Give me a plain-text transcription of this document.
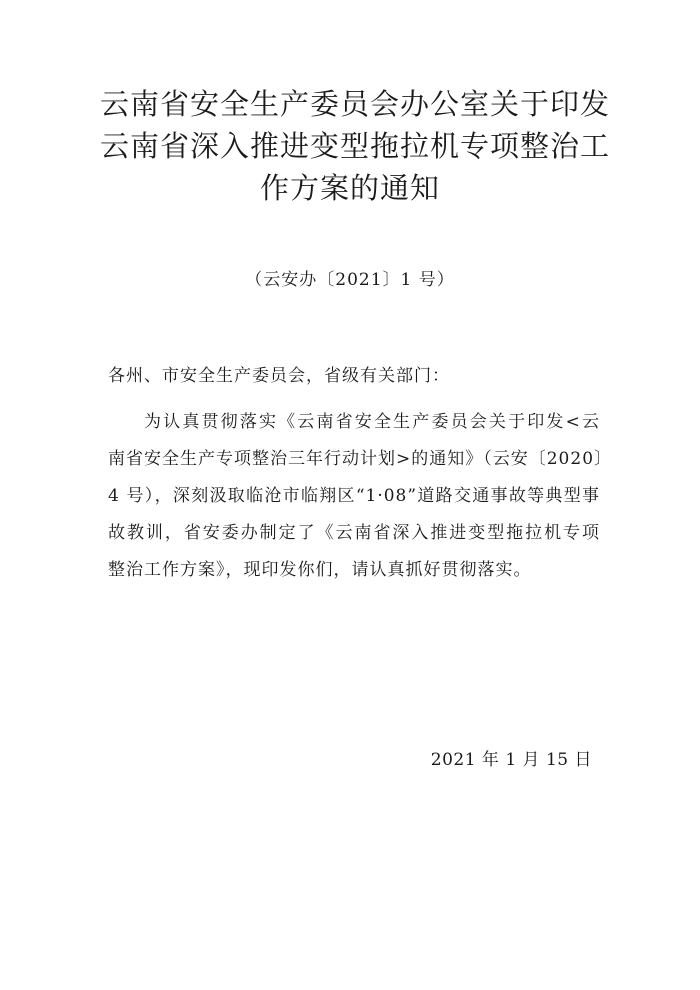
云南省安全生产委员会办公室关于印发
云南省深入推进变型拖拉机专项整治工
作方案的通知
（云安办〔2021〕1 号）
各州、市安全生产委员会，省级有关部门：
为认真贯彻落实《云南省安全生产委员会关于印发<云
南省安全生产专项整治三年行动计划>的通知》（云安〔2020〕
4 号），深刻汲取临沧市临翔区“1·08”道路交通事故等典型事
故教训，省安委办制定了《云南省深入推进变型拖拉机专项
整治工作方案》，现印发你们，请认真抓好贯彻落实。
2021 年 1 月 15 日
